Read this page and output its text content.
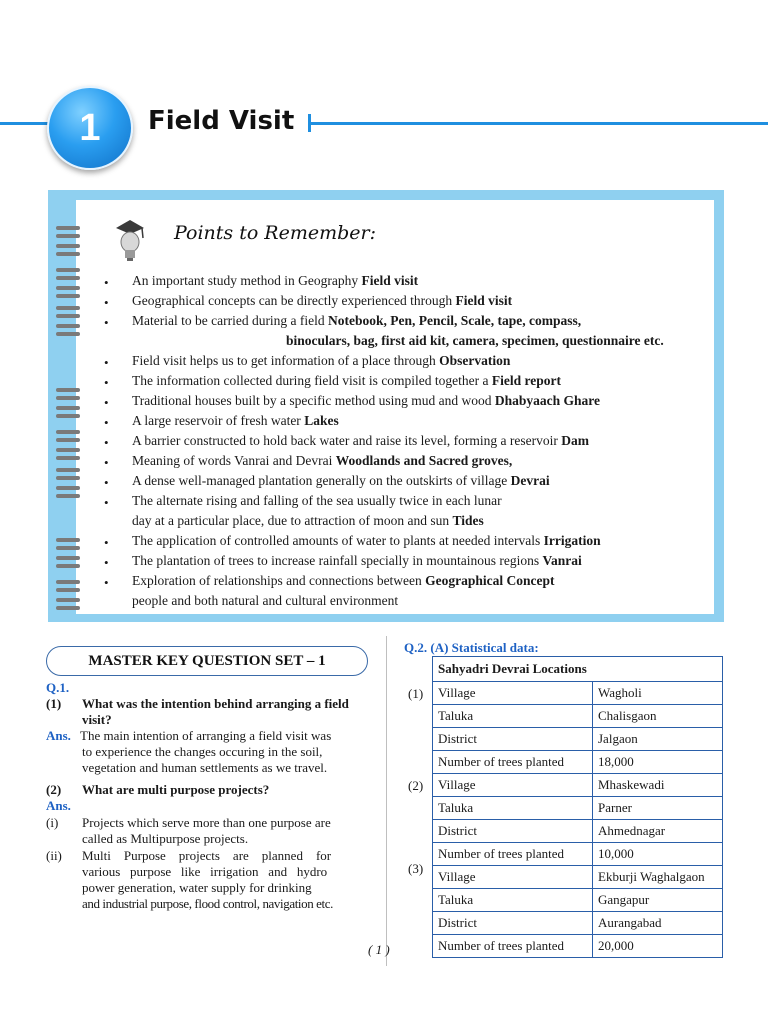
1	Field Visit
Points to Remember:
• An important study method in Geography Field visit
• Geographical concepts can be directly experienced through Field visit
• Material to be carried during a field Notebook, Pen, Pencil, Scale, tape, compass,
binoculars, bag, first aid kit, camera, specimen, questionnaire etc.
• Field visit helps us to get information of a place through Observation
• The information collected during field visit is compiled together a Field report
• Traditional houses built by a specific method using mud and wood Dhabyaach Ghare
• A large reservoir of fresh water Lakes
• A barrier constructed to hold back water and raise its level, forming a reservoir Dam
• Meaning of words Vanrai and Devrai Woodlands and Sacred groves,
• A dense well-managed plantation generally on the outskirts of village Devrai
• The alternate rising and falling of the sea usually twice in each lunar
day at a particular place, due to attraction of moon and sun Tides
• The application of controlled amounts of water to plants at needed intervals Irrigation
• The plantation of trees to increase rainfall specially in mountainous regions Vanrai
• Exploration of relationships and connections between Geographical Concept
people and both natural and cultural environment
MASTER KEY QUESTION SET – 1
Q.1.
(1) What was the intention behind arranging a field
visit?
Ans. The main intention of arranging a field visit was
to experience the changes occuring in the soil,
vegetation and human settlements as we travel.
(2) What are multi purpose projects?
Ans.
(i) Projects which serve more than one purpose are
called as Multipurpose projects.
(ii) Multi    Purpose    projects    are    planned    for
various   purpose   like   irrigation   and   hydro
power generation, water supply for drinking
and industrial purpose, flood control, navigation etc.
( 1 )
Q.2. (A) Statistical data:
(1)
(2)
(3)
Sahyadri Devrai Locations	
Village	Wagholi
Taluka	Chalisgaon
District	Jalgaon
Number of trees planted	18,000
Village	Mhaskewadi
Taluka	Parner
District	Ahmednagar
Number of trees planted	10,000
Village	Ekburji Waghalgaon
Taluka	Gangapur
District	Aurangabad
Number of trees planted	20,000
